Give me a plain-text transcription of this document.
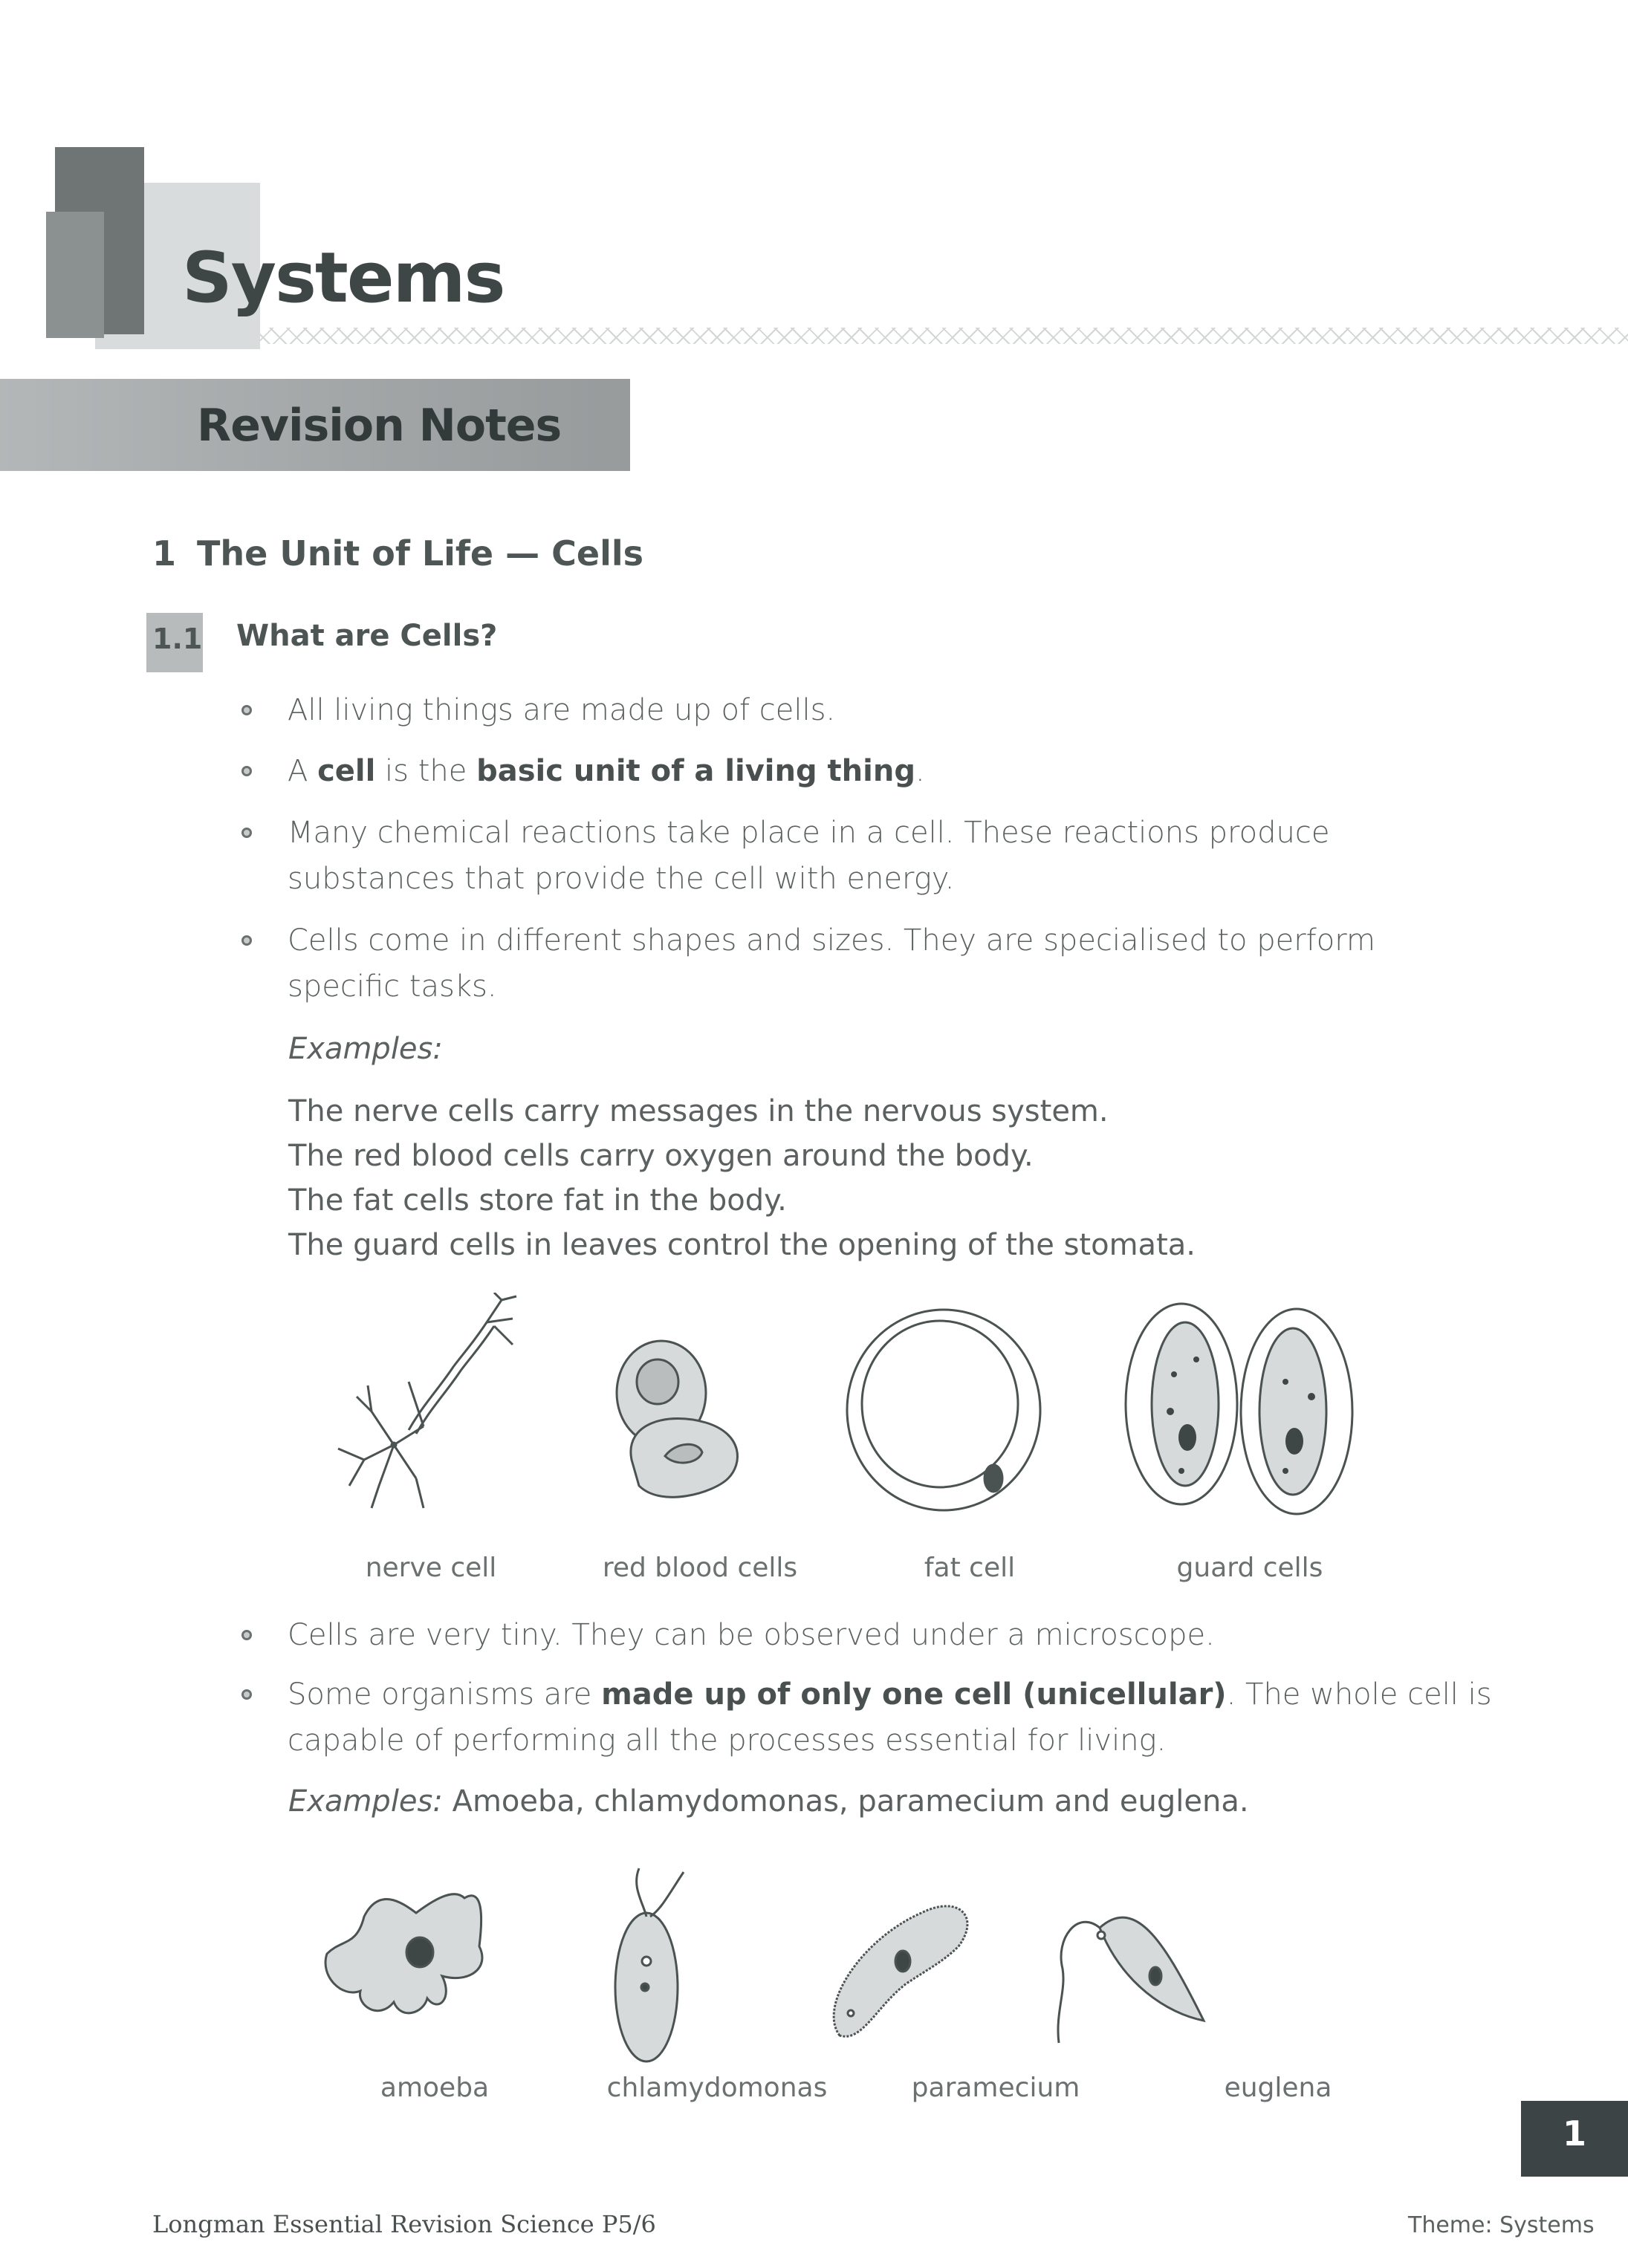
Systems
Revision Notes
1 The Unit of Life — Cells
1.1 What are Cells?
All living things are made up of cells.
A cell is the basic unit of a living thing.
Many chemical reactions take place in a cell. These reactions produce substances that provide the cell with energy.
Cells come in different shapes and sizes. They are specialised to perform specific tasks.
Examples:
The nerve cells carry messages in the nervous system.
The red blood cells carry oxygen around the body.
The fat cells store fat in the body.
The guard cells in leaves control the opening of the stomata.
nerve cell	red blood cells	fat cell	guard cells
Cells are very tiny. They can be observed under a microscope.
Some organisms are made up of only one cell (unicellular). The whole cell is capable of performing all the processes essential for living.
Examples: Amoeba, chlamydomonas, paramecium and euglena.
amoeba	chlamydomonas	paramecium	euglena
1
Longman Essential Revision Science P5/6	Theme: Systems
